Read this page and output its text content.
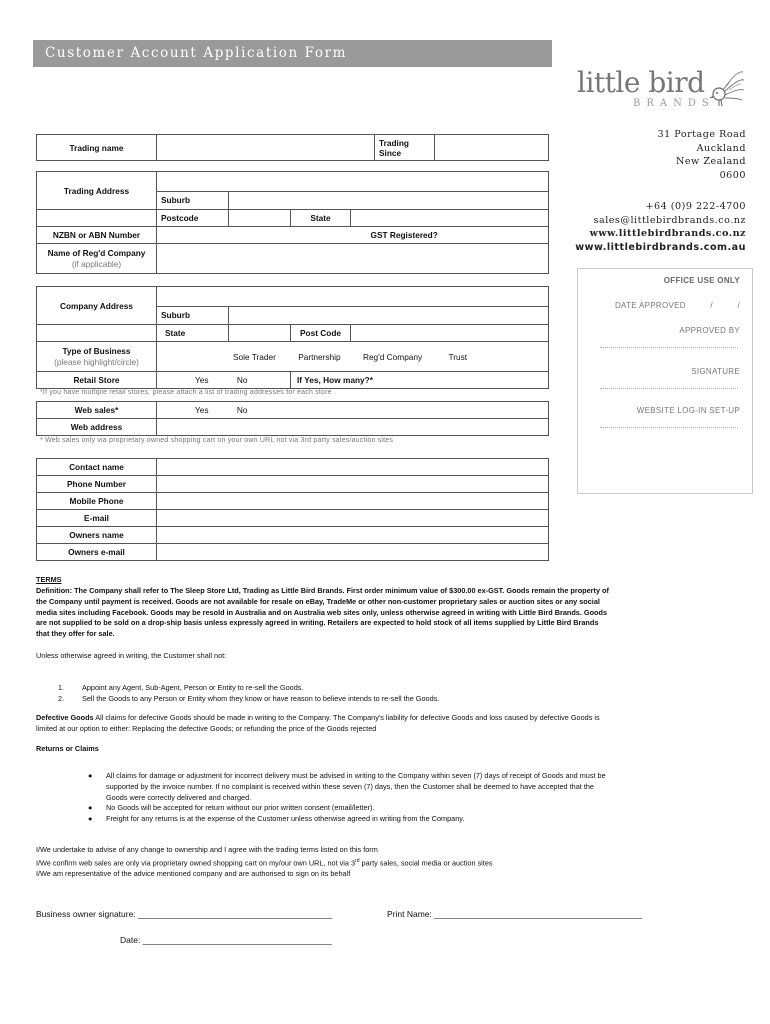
Customer Account Application Form
little bird
BRANDS
31 Portage Road
Auckland
New Zealand
0600
+64 (0)9 222-4700
sales@littlebirdbrands.co.nz
www.littlebirdbrands.co.nz
www.littlebirdbrands.com.au
OFFICE USE ONLY
DATE APPROVED	/	/
APPROVED BY
SIGNATURE
WEBSITE LOG-IN SET-UP
Trading name		Trading Since	
Trading Address				
	Suburb			
	Postcode		State	
NZBN or ABN Number			GST Registered?	

Name of Reg'd Company
(if applicable)				

Company Address				
	Suburb			
	State		Post Code	

Type of Business
(please highlight/circle)	Sole Trader Partnership Reg'd Company Trust			
Retail Store	Yes No		If Yes, How many?*	
*If you have multiple retail stores, please attach a list of trading addresses for each store
Web sales*	Yes No
Web address	
* Web sales only via proprietary owned shopping cart on your own URL not via 3rd party sales/auction sites
Contact name	
Phone Number	
Mobile Phone	
E-mail	
Owners name	
Owners e-mail	
TERMS
Definition: The Company shall refer to The Sleep Store Ltd, Trading as Little Bird Brands. First order minimum value of $300.00 ex-GST. Goods remain the property of the Company until payment is received. Goods are not available for resale on eBay, TradeMe or other non-customer proprietary sales or auction sites or any social media sites including Facebook. Goods may be resold in Australia and on Australia web sites only, unless otherwise agreed in writing with Little Bird Brands. Goods are not supplied to be sold on a drop-ship basis unless expressly agreed in writing. Retailers are expected to hold stock of all items supplied by Little Bird Brands that they offer for sale.
Unless otherwise agreed in writing, the Customer shall not:
1. Appoint any Agent, Sub-Agent, Person or Entity to re-sell the Goods.
2. Sell the Goods to any Person or Entity whom they know or have reason to believe intends to re-sell the Goods.
Defective Goods All claims for defective Goods should be made in writing to the Company. The Company's liability for defective Goods and loss caused by defective Goods is limited at our option to either: Replacing the defective Goods; or refunding the price of the Goods rejected
Returns or Claims
●	All claims for damage or adjustment for incorrect delivery must be advised in writing to the Company within seven (7) days of receipt of Goods and must be supported by the invoice number. If no complaint is received within these seven (7) days, then the Customer shall be deemed to have accepted that the Goods were correctly delivered and charged.
●	No Goods will be accepted for return without our prior written consent (email/letter).
●	Freight for any returns is at the expense of the Customer unless otherwise agreed in writing from the Company.
I/We undertake to advise of any change to ownership and I agree with the trading terms listed on this form
I/We confirm web sales are only via proprietary owned shopping cart on my/our own URL, not via 3rd party sales, social media or auction sites
I/We am representative of the advice mentioned company and are authorised to sign on its behalf
Business owner signature: _________________________________________	Print Name: ____________________________________________
Date: ________________________________________
